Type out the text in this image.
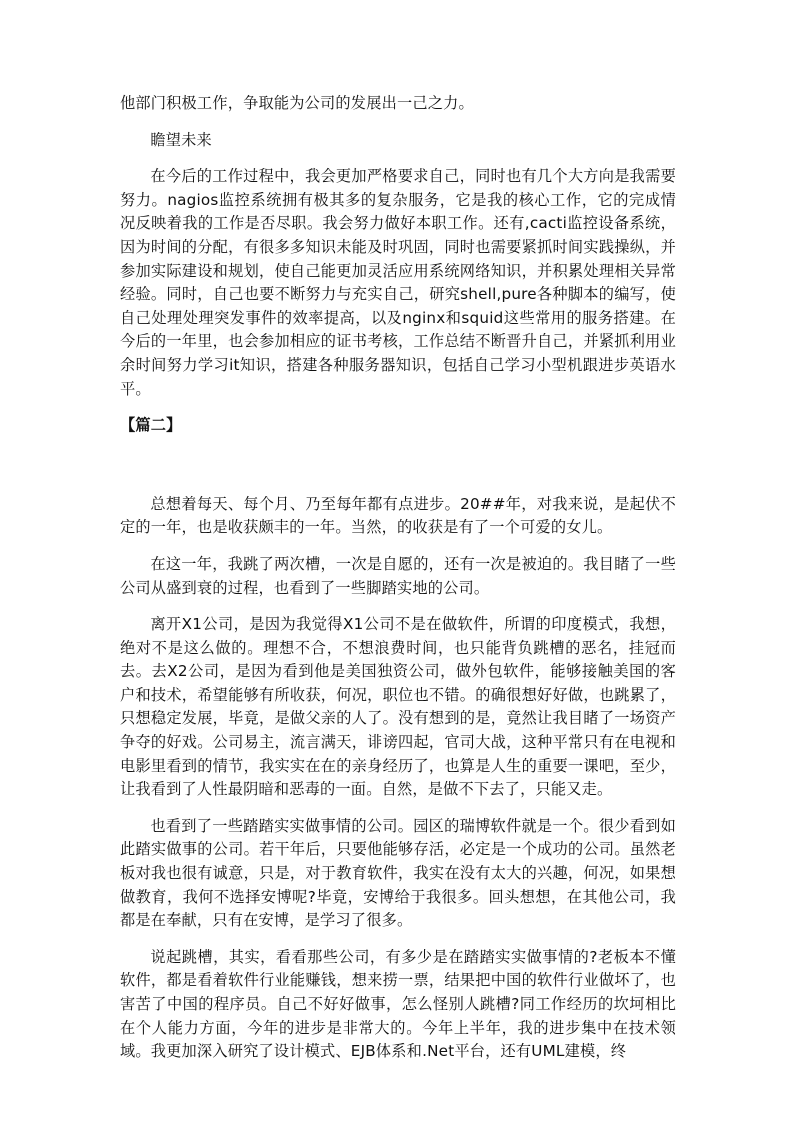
他部门积极工作，争取能为公司的发展出一己之力。

瞻望未来

在今后的工作过程中，我会更加严格要求自己，同时也有几个大方向是我需要努力。nagios监控系统拥有极其多的复杂服务，它是我的核心工作，它的完成情况反映着我的工作是否尽职。我会努力做好本职工作。还有,cacti监控设备系统，因为时间的分配，有很多多知识未能及时巩固，同时也需要紧抓时间实践操纵，并参加实际建设和规划，使自己能更加灵活应用系统网络知识，并积累处理相关异常经验。同时，自己也要不断努力与充实自己，研究shell,pure各种脚本的编写，使自己处理处理突发事件的效率提高，以及nginx和squid这些常用的服务搭建。在今后的一年里，也会参加相应的证书考核，工作总结不断晋升自己，并紧抓利用业余时间努力学习it知识，搭建各种服务器知识，包括自己学习小型机跟进步英语水平。

【篇二】

总想着每天、每个月、乃至每年都有点进步。20##年，对我来说，是起伏不定的一年，也是收获颇丰的一年。当然，的收获是有了一个可爱的女儿。

在这一年，我跳了两次槽，一次是自愿的，还有一次是被迫的。我目睹了一些公司从盛到衰的过程，也看到了一些脚踏实地的公司。

离开X1公司，是因为我觉得X1公司不是在做软件，所谓的印度模式，我想，绝对不是这么做的。理想不合，不想浪费时间，也只能背负跳槽的恶名，挂冠而去。去X2公司，是因为看到他是美国独资公司，做外包软件，能够接触美国的客户和技术，希望能够有所收获，何况，职位也不错。的确很想好好做，也跳累了，只想稳定发展，毕竟，是做父亲的人了。没有想到的是，竟然让我目睹了一场资产争夺的好戏。公司易主，流言满天，诽谤四起，官司大战，这种平常只有在电视和电影里看到的情节，我实实在在的亲身经历了，也算是人生的重要一课吧，至少，让我看到了人性最阴暗和恶毒的一面。自然，是做不下去了，只能又走。

也看到了一些踏踏实实做事情的公司。园区的瑞博软件就是一个。很少看到如此踏实做事的公司。若干年后，只要他能够存活，必定是一个成功的公司。虽然老板对我也很有诚意，只是，对于教育软件，我实在没有太大的兴趣，何况，如果想做教育，我何不选择安博呢?毕竟，安博给于我很多。回头想想，在其他公司，我都是在奉献，只有在安博，是学习了很多。

说起跳槽，其实，看看那些公司，有多少是在踏踏实实做事情的?老板本不懂软件，都是看着软件行业能赚钱，想来捞一票，结果把中国的软件行业做坏了，也害苦了中国的程序员。自己不好好做事，怎么怪别人跳槽?同工作经历的坎坷相比在个人能力方面，今年的进步是非常大的。今年上半年，我的进步集中在技术领域。我更加深入研究了设计模式、EJB体系和.Net平台，还有UML建模，终
